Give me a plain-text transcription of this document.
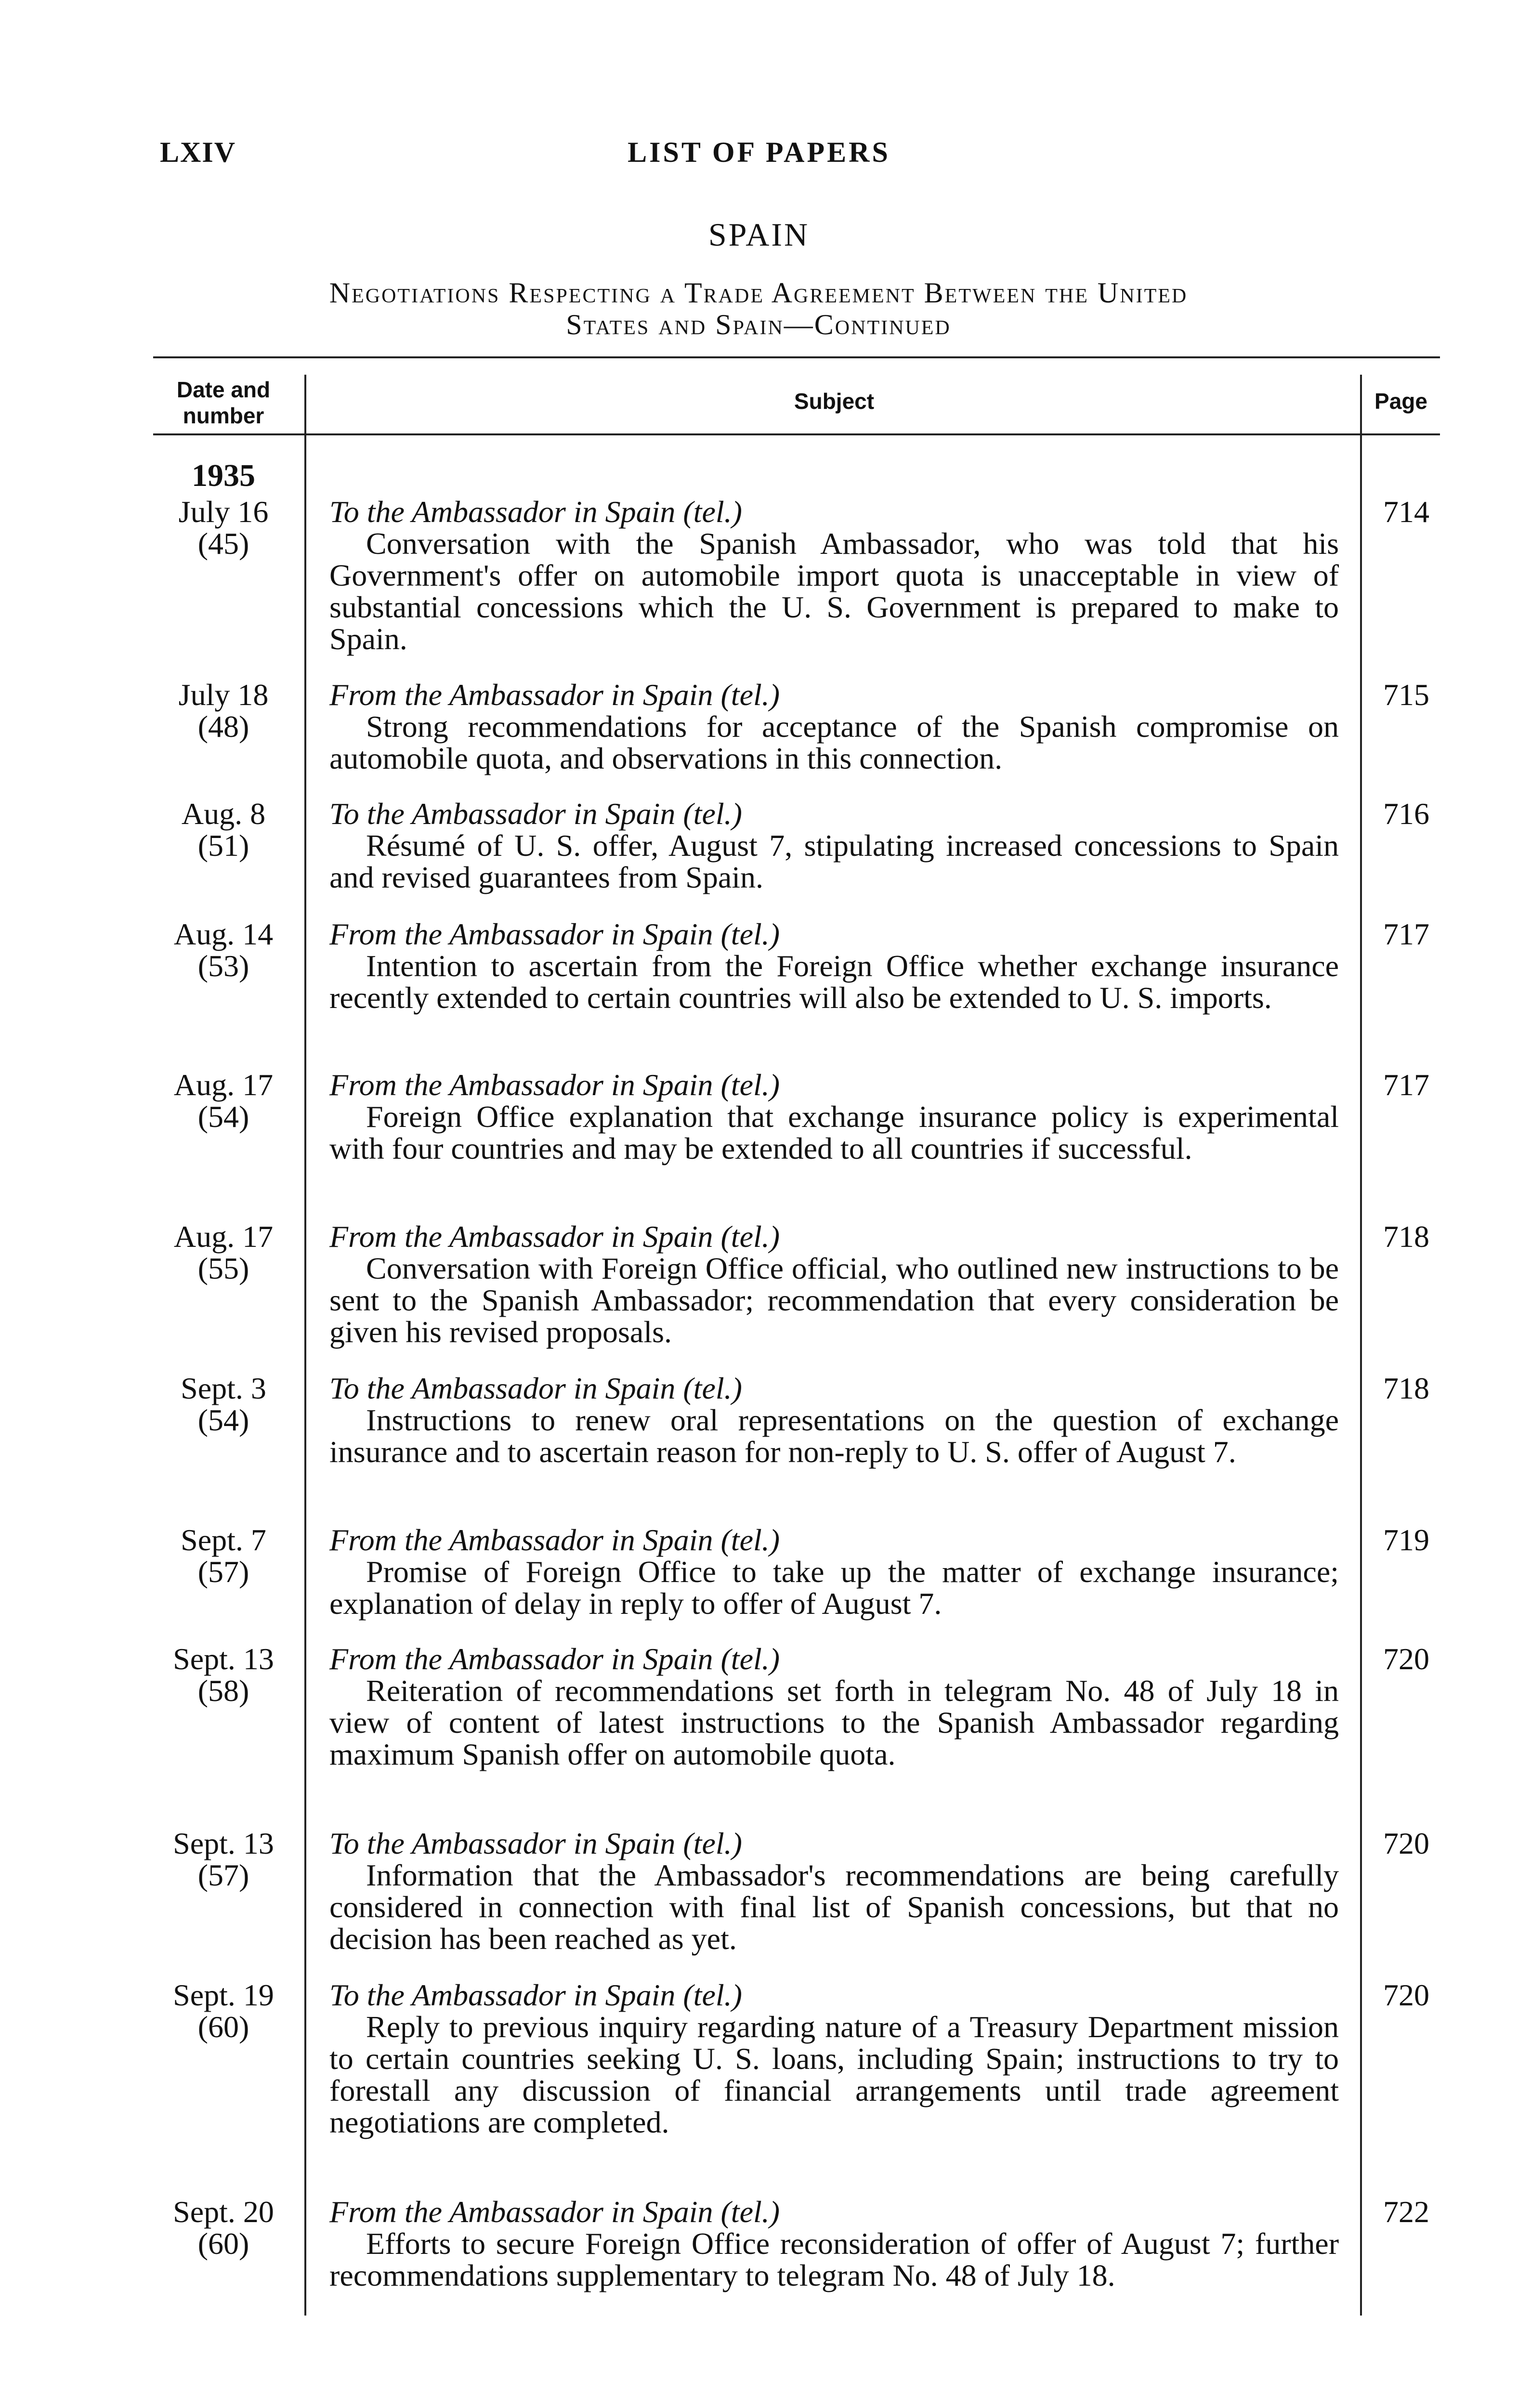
LIST OF PAPERS
LXIV
SPAIN
Negotiations Respecting a Trade Agreement Between the United
States and Spain—Continued
Date and
number
Subject	Page
1935
July 16
(45)
To the Ambassador in Spain (tel.)
Conversation with the Spanish Ambassador, who was told that his Government's offer on automobile import quota is unacceptable in view of substantial concessions which the U. S. Government is prepared to make to Spain.
714
July 18
(48)
From the Ambassador in Spain (tel.)
Strong recommendations for acceptance of the Spanish compromise on automobile quota, and observations in this connection.
715
Aug. 8
(51)
To the Ambassador in Spain (tel.)
Résumé of U. S. offer, August 7, stipulating increased concessions to Spain and revised guarantees from Spain.
716
Aug. 14
(53)
From the Ambassador in Spain (tel.)
Intention to ascertain from the Foreign Office whether exchange insurance recently extended to certain countries will also be extended to U. S. imports.
717
Aug. 17
(54)
From the Ambassador in Spain (tel.)
Foreign Office explanation that exchange insurance policy is experimental with four countries and may be extended to all countries if successful.
717
Aug. 17
(55)
From the Ambassador in Spain (tel.)
Conversation with Foreign Office official, who outlined new instructions to be sent to the Spanish Ambassador; recommendation that every consideration be given his revised proposals.
718
Sept. 3
(54)
To the Ambassador in Spain (tel.)
Instructions to renew oral representations on the question of exchange insurance and to ascertain reason for non-reply to U. S. offer of August 7.
718
Sept. 7
(57)
From the Ambassador in Spain (tel.)
Promise of Foreign Office to take up the matter of exchange insurance; explanation of delay in reply to offer of August 7.
719
Sept. 13
(58)
From the Ambassador in Spain (tel.)
Reiteration of recommendations set forth in telegram No. 48 of July 18 in view of content of latest instructions to the Spanish Ambassador regarding maximum Spanish offer on automobile quota.
720
Sept. 13
(57)
To the Ambassador in Spain (tel.)
Information that the Ambassador's recommendations are being carefully considered in connection with final list of Spanish concessions, but that no decision has been reached as yet.
720
Sept. 19
(60)
To the Ambassador in Spain (tel.)
Reply to previous inquiry regarding nature of a Treasury Department mission to certain countries seeking U. S. loans, including Spain; instructions to try to forestall any discussion of financial arrangements until trade agreement negotiations are completed.
720
Sept. 20
(60)
From the Ambassador in Spain (tel.)
Efforts to secure Foreign Office reconsideration of offer of August 7; further recommendations supplementary to telegram No. 48 of July 18.
722
